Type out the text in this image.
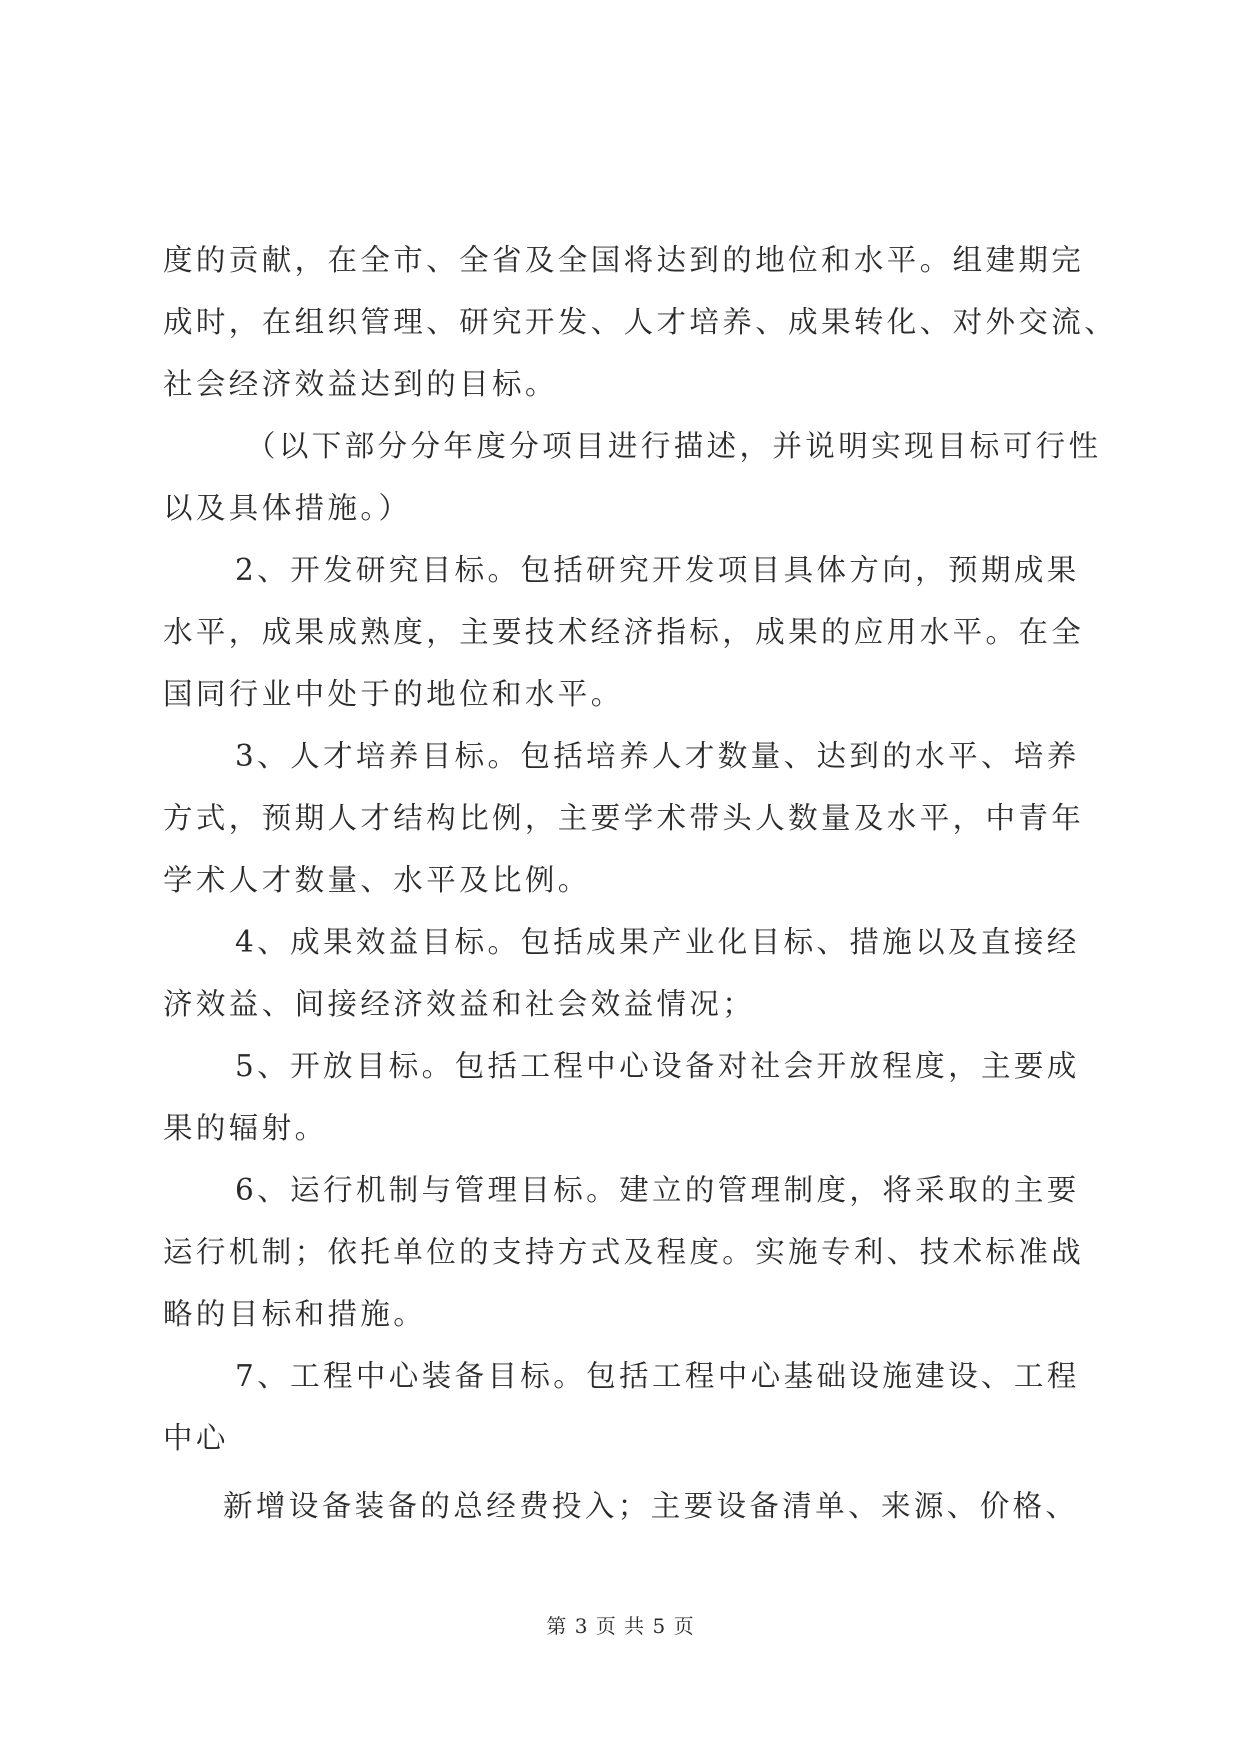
度的贡献，在全市、全省及全国将达到的地位和水平。组建期完
成时，在组织管理、研究开发、人才培养、成果转化、对外交流、
社会经济效益达到的目标。
（以下部分分年度分项目进行描述，并说明实现目标可行性
以及具体措施。）
2、开发研究目标。包括研究开发项目具体方向，预期成果
水平，成果成熟度，主要技术经济指标，成果的应用水平。在全
国同行业中处于的地位和水平。
3、人才培养目标。包括培养人才数量、达到的水平、培养
方式，预期人才结构比例，主要学术带头人数量及水平，中青年
学术人才数量、水平及比例。
4、成果效益目标。包括成果产业化目标、措施以及直接经
济效益、间接经济效益和社会效益情况；
5、开放目标。包括工程中心设备对社会开放程度，主要成
果的辐射。
6、运行机制与管理目标。建立的管理制度，将采取的主要
运行机制；依托单位的支持方式及程度。实施专利、技术标准战
略的目标和措施。
7、工程中心装备目标。包括工程中心基础设施建设、工程
中心
新增设备装备的总经费投入；主要设备清单、来源、价格、
第 3 页 共 5 页
